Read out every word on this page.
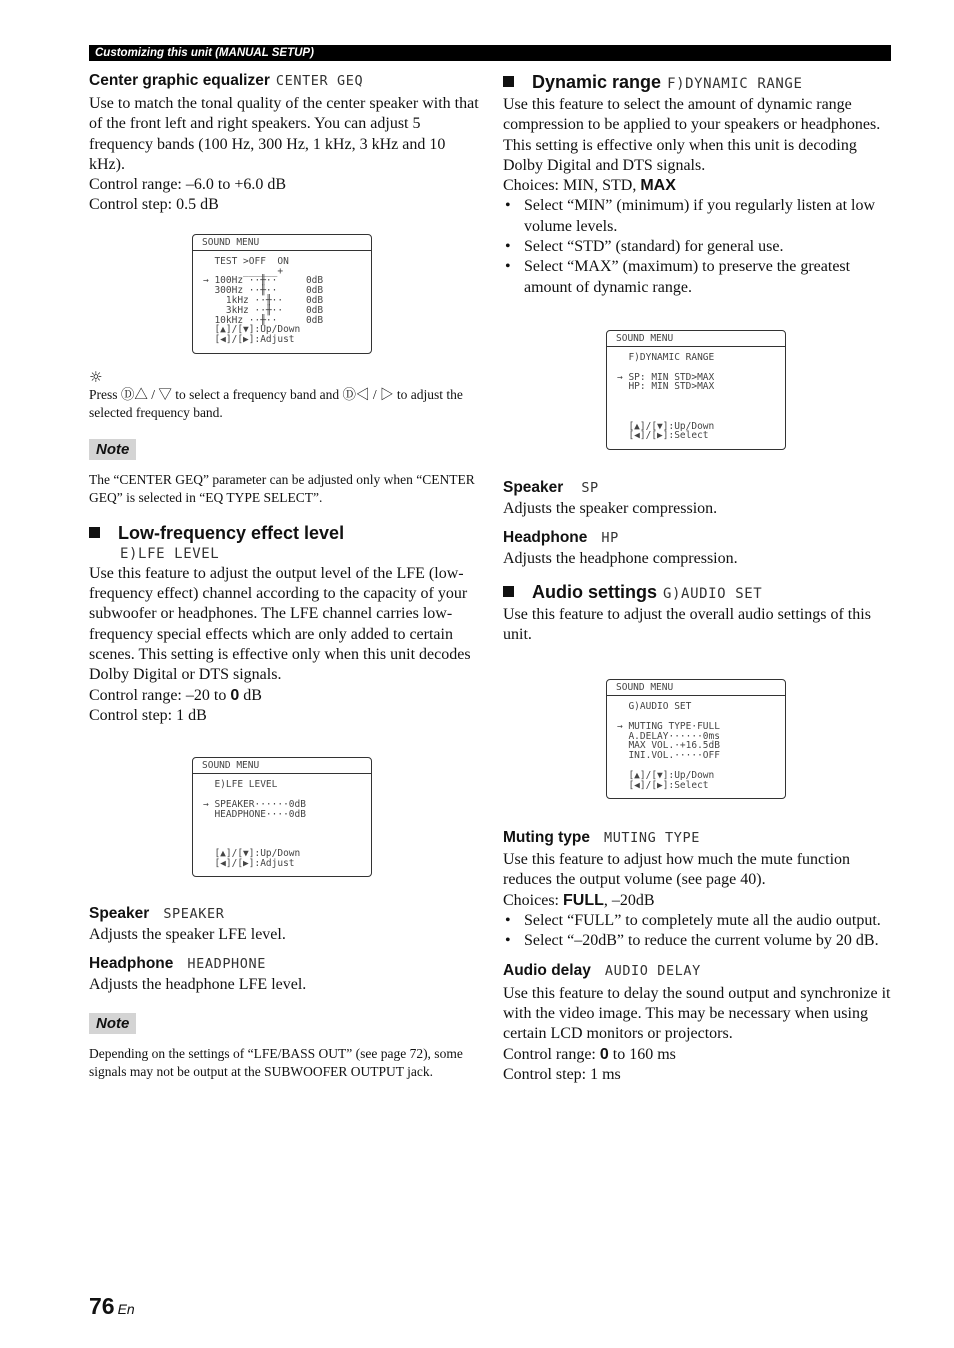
Customizing this unit (MANUAL SETUP)
Center graphic equalizer CENTER GEQ

Use to match the tonal quality of the center speaker with that of the front left and right speakers. You can adjust 5 frequency bands (100 Hz, 300 Hz, 1 kHz, 3 kHz and 10 kHz).

Control range: –6.0 to +6.0 dB

Control step: 0.5 dB

SOUND MENU
TEST >OFF  ON
______+
→ 100Hz ··╫··     0dB
300Hz ··╫··     0dB
1kHz ··╫··    0dB
3kHz ··╫··    0dB
10kHz ··╫··     0dB
[▲]/[▼]:Up/Down
[◀]/[▶]:Adjust
☼

Press Ⓓ△ / ▽ to select a frequency band and Ⓓ◁ / ▷ to adjust the selected frequency band.

Note

The “CENTER GEQ” parameter can be adjusted only when “CENTER GEQ” is selected in “EQ TYPE SELECT”.

Low-frequency effect level
E)LFE LEVEL

Use this feature to adjust the output level of the LFE (low-frequency effect) channel according to the capacity of your subwoofer or headphones. The LFE channel carries low-frequency special effects which are only added to certain scenes. This setting is effective only when this unit decodes Dolby Digital or DTS signals.

Control range: –20 to 0 dB

Control step: 1 dB

SOUND MENU
E)LFE LEVEL

→ SPEAKER······0dB
HEADPHONE····0dB

[▲]/[▼]:Up/Down
[◀]/[▶]:Adjust
Speaker SPEAKER

Adjusts the speaker LFE level.

Headphone HEADPHONE

Adjusts the headphone LFE level.

Note

Depending on the settings of “LFE/BASS OUT” (see page 72), some signals may not be output at the SUBWOOFER OUTPUT jack.

Dynamic range F)DYNAMIC RANGE

Use this feature to select the amount of dynamic range compression to be applied to your speakers or headphones. This setting is effective only when this unit is decoding Dolby Digital and DTS signals.

Choices: MIN, STD, MAX

• Select “MIN” (minimum) if you regularly listen at low volume levels.
• Select “STD” (standard) for general use.
• Select “MAX” (maximum) to preserve the greatest amount of dynamic range.
SOUND MENU
F)DYNAMIC RANGE

→ SP: MIN STD>MAX
HP: MIN STD>MAX

[▲]/[▼]:Up/Down
[◀]/[▶]:Select
Speaker SP

Adjusts the speaker compression.

Headphone HP

Adjusts the headphone compression.

Audio settings G)AUDIO SET

Use this feature to adjust the overall audio settings of this unit.

SOUND MENU
G)AUDIO SET

→ MUTING TYPE·FULL
A.DELAY······0ms
MAX VOL.·+16.5dB
INI.VOL.·····OFF

[▲]/[▼]:Up/Down
[◀]/[▶]:Select
Muting type MUTING TYPE

Use this feature to adjust how much the mute function reduces the output volume (see page 40).

Choices: FULL, –20dB

• Select “FULL” to completely mute all the audio output.
• Select “–20dB” to reduce the current volume by 20 dB.
Audio delay AUDIO DELAY

Use this feature to delay the sound output and synchronize it with the video image. This may be necessary when using certain LCD monitors or projectors.

Control range: 0 to 160 ms

Control step: 1 ms

76 En
